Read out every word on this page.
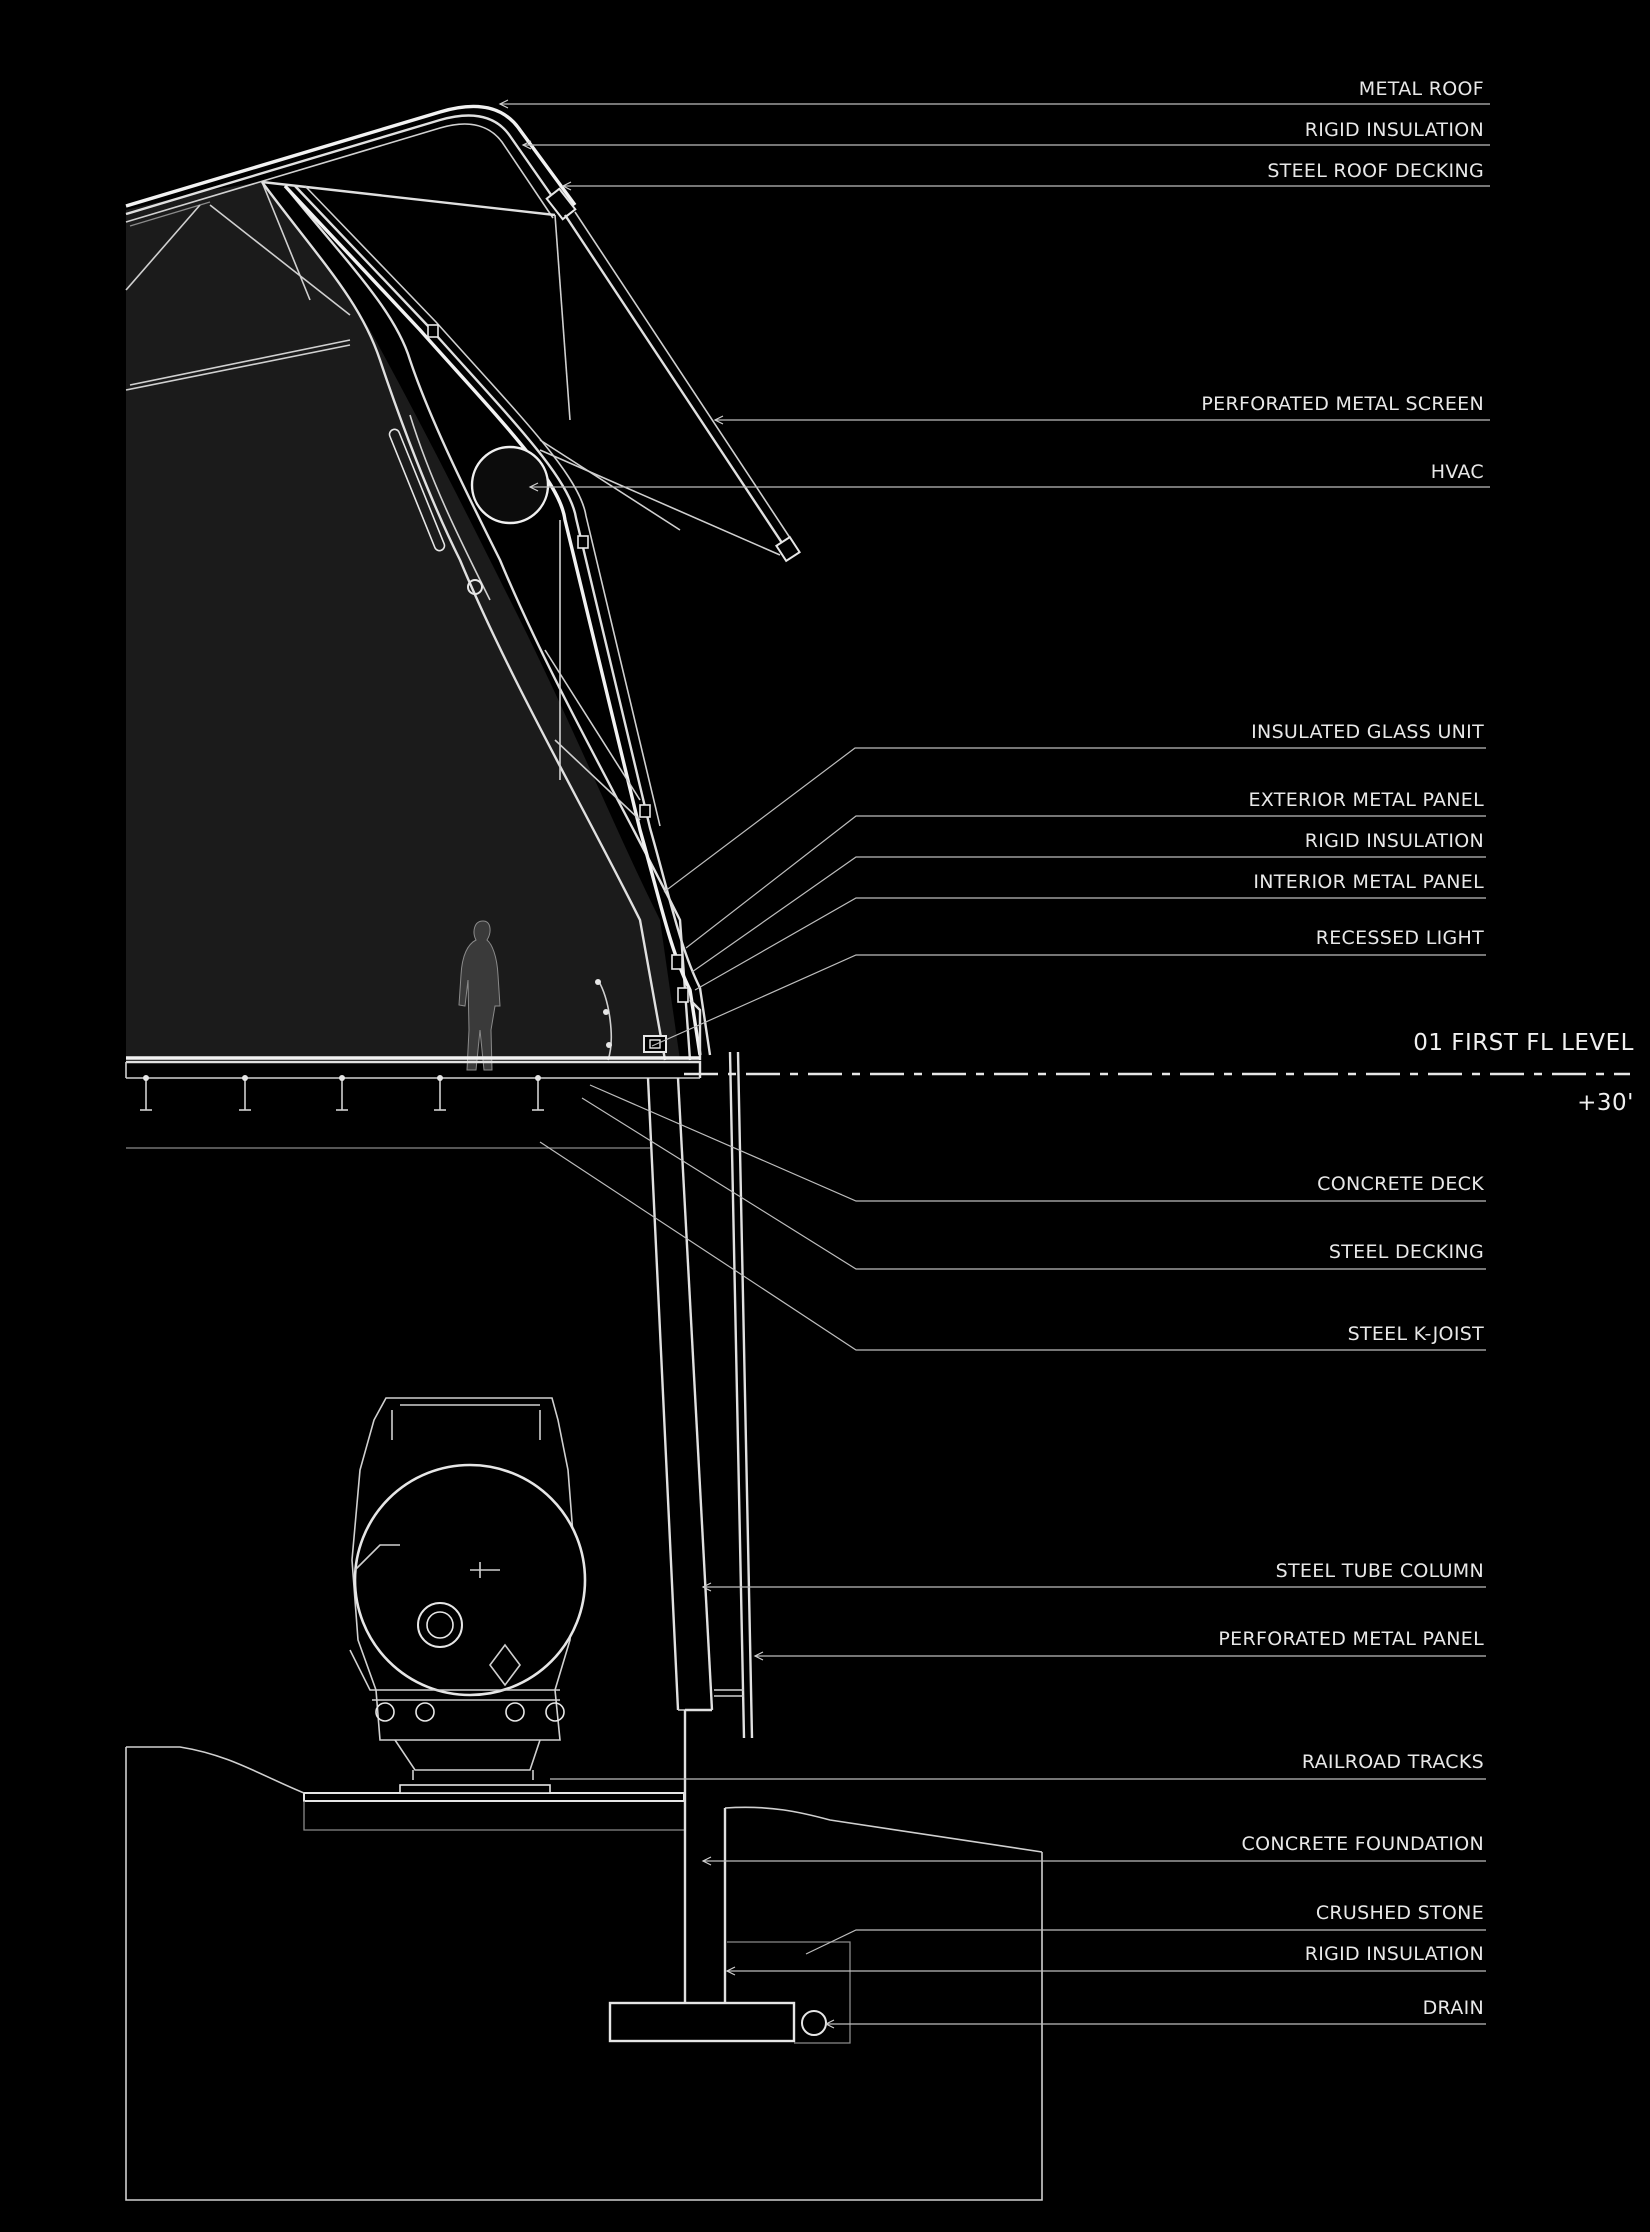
METAL ROOF
RIGID INSULATION
STEEL ROOF DECKING
PERFORATED METAL SCREEN
HVAC
INSULATED GLASS UNIT
EXTERIOR METAL PANEL
RIGID INSULATION
INTERIOR METAL PANEL
RECESSED LIGHT
01 FIRST FL LEVEL
+30'
CONCRETE DECK
STEEL DECKING
STEEL K-JOIST
STEEL TUBE COLUMN
PERFORATED METAL PANEL
RAILROAD TRACKS
CONCRETE FOUNDATION
CRUSHED STONE
RIGID INSULATION
DRAIN
